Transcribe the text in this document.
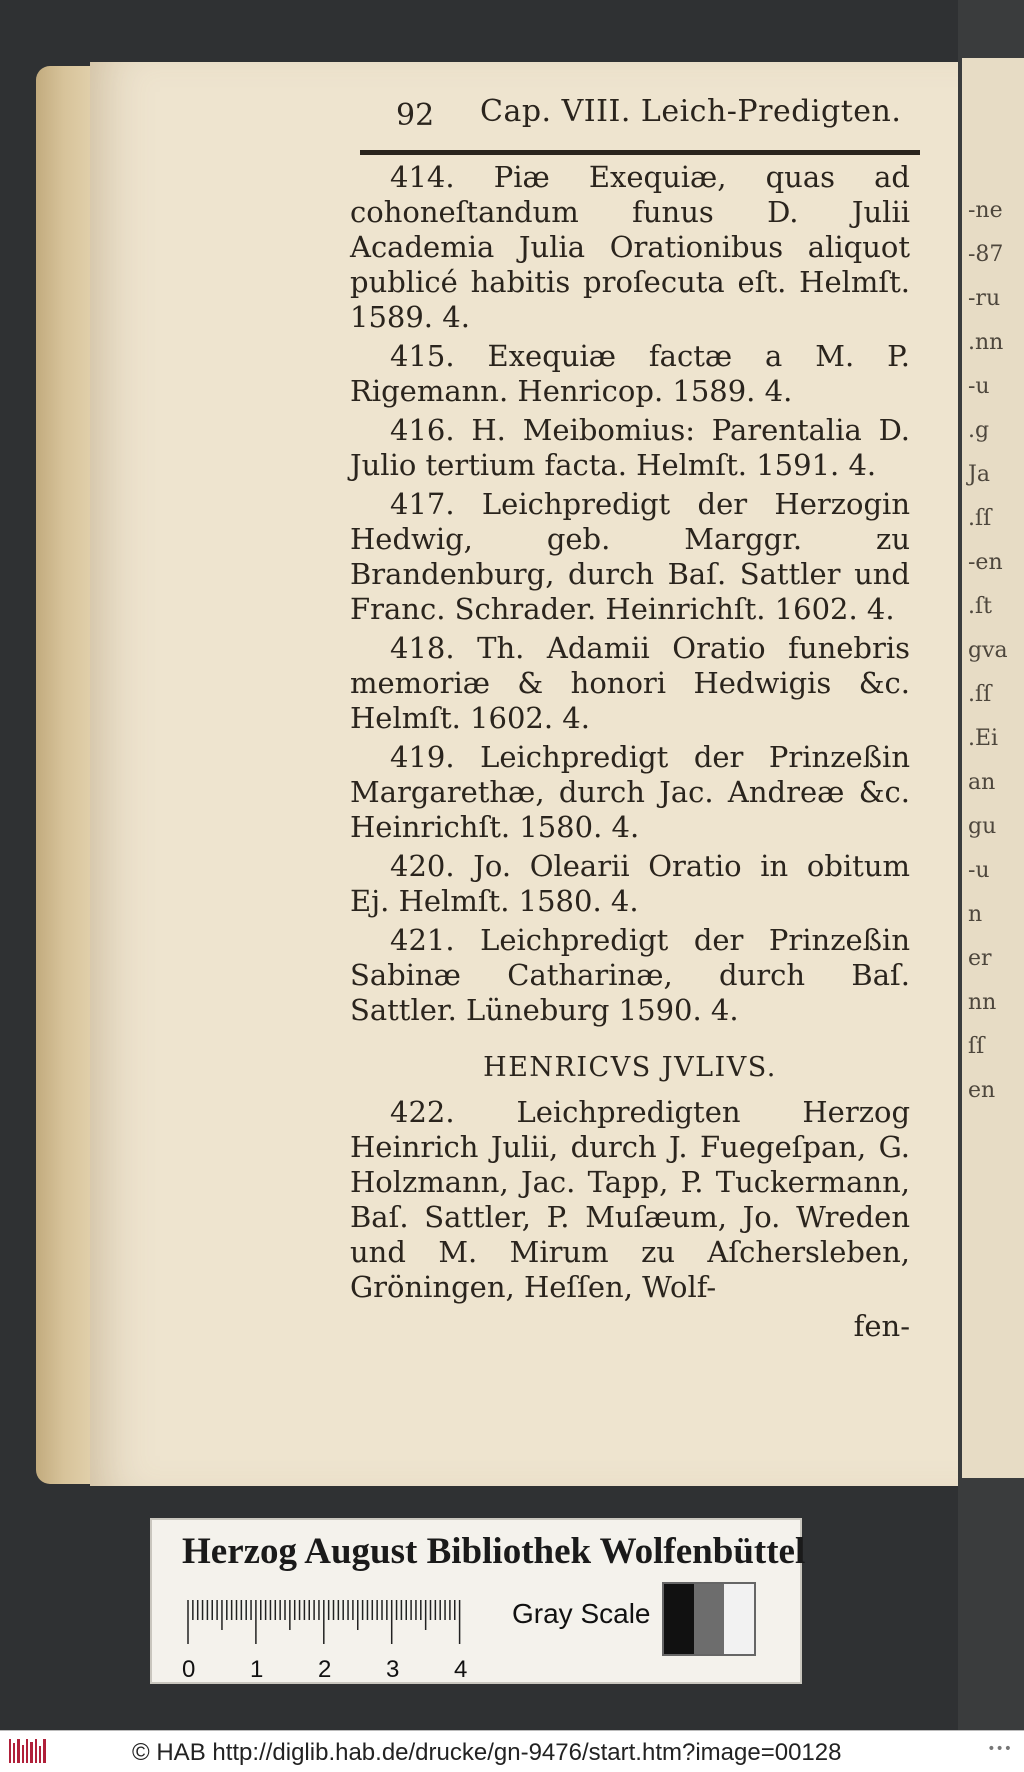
-ne
-87
-ru
.nn
-u
.g
Ja
.ſſ
-en
.ſt
gva
.ſſ
.Ei
an
gu
-u
n
er
nn
ſſ
en
92 Cap. VIII. Leich-Predigten.

414. Piæ Exequiæ, quas ad cohoneſtandum funus D. Julii Academia Julia Orationibus aliquot publicé habitis proſecuta eſt. Helmſt. 1589. 4.

415. Exequiæ factæ a M. P. Rigemann. Henricop. 1589. 4.

416. H. Meibomius: Parentalia D. Julio tertium facta. Helmſt. 1591. 4.

417. Leichpredigt der Herzogin Hedwig, geb. Marggr. zu Brandenburg, durch Baſ. Sattler und Franc. Schrader. Heinrichſt. 1602. 4.

418. Th. Adamii Oratio funebris memoriæ & honori Hedwigis &c. Helmſt. 1602. 4.

419. Leichpredigt der Prinzeßin Margarethæ, durch Jac. Andreæ &c. Heinrichſt. 1580. 4.

420. Jo. Olearii Oratio in obitum Ej. Helmſt. 1580. 4.

421. Leichpredigt der Prinzeßin Sabinæ Catharinæ, durch Baſ. Sattler. Lüneburg 1590. 4.

HENRICVS JVLIVS.

422. Leichpredigten Herzog Heinrich Julii, durch J. Fuegeſpan, G. Holzmann, Jac. Tapp, P. Tuckermann, Baſ. Sattler, P. Muſæum, Jo. Wreden und M. Mirum zu Aſchersleben, Gröningen, Heſſen, Wolf-

fen-
Herzog August Bibliothek Wolfenbüttel
0 1 2 3 4
Gray Scale
© HAB http://diglib.hab.de/drucke/gn-9476/start.htm?image=00128	•••
